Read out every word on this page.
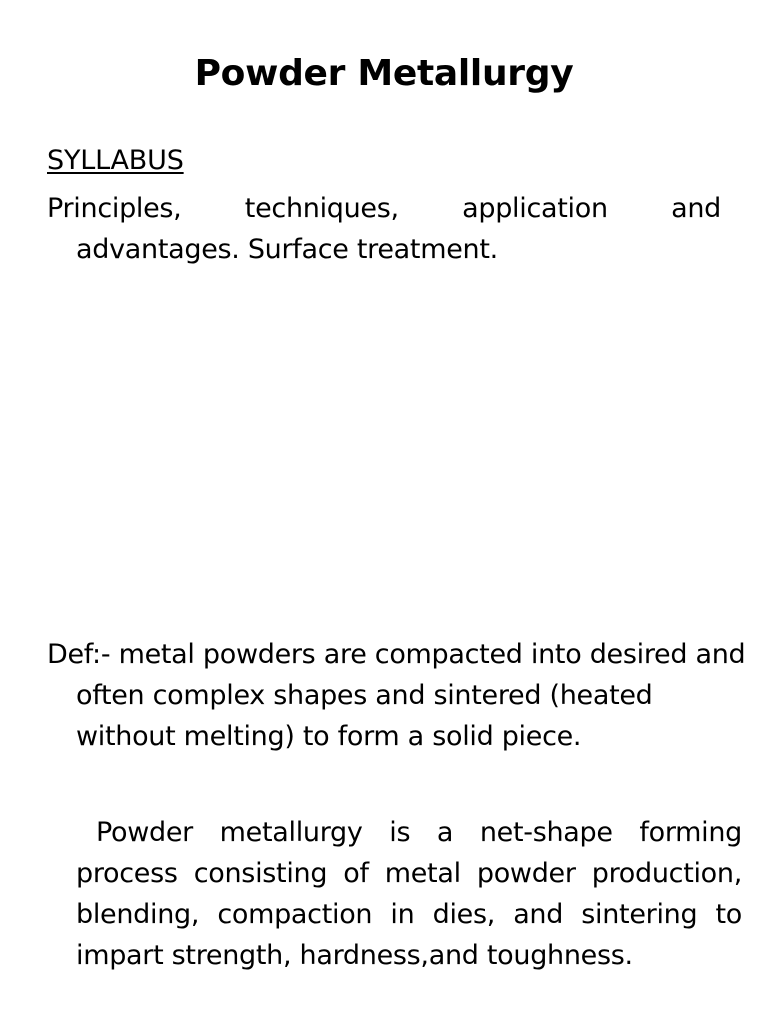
Powder Metallurgy
SYLLABUS
Principles, techniques, application and advantages. Surface treatment.
Def:- metal powders are compacted into desired and often complex shapes and sintered (heated without melting) to form a solid piece.
Powder metallurgy is a net-shape forming process consisting of metal powder production, blending, compaction in dies, and sintering to impart strength, hardness,and toughness.
